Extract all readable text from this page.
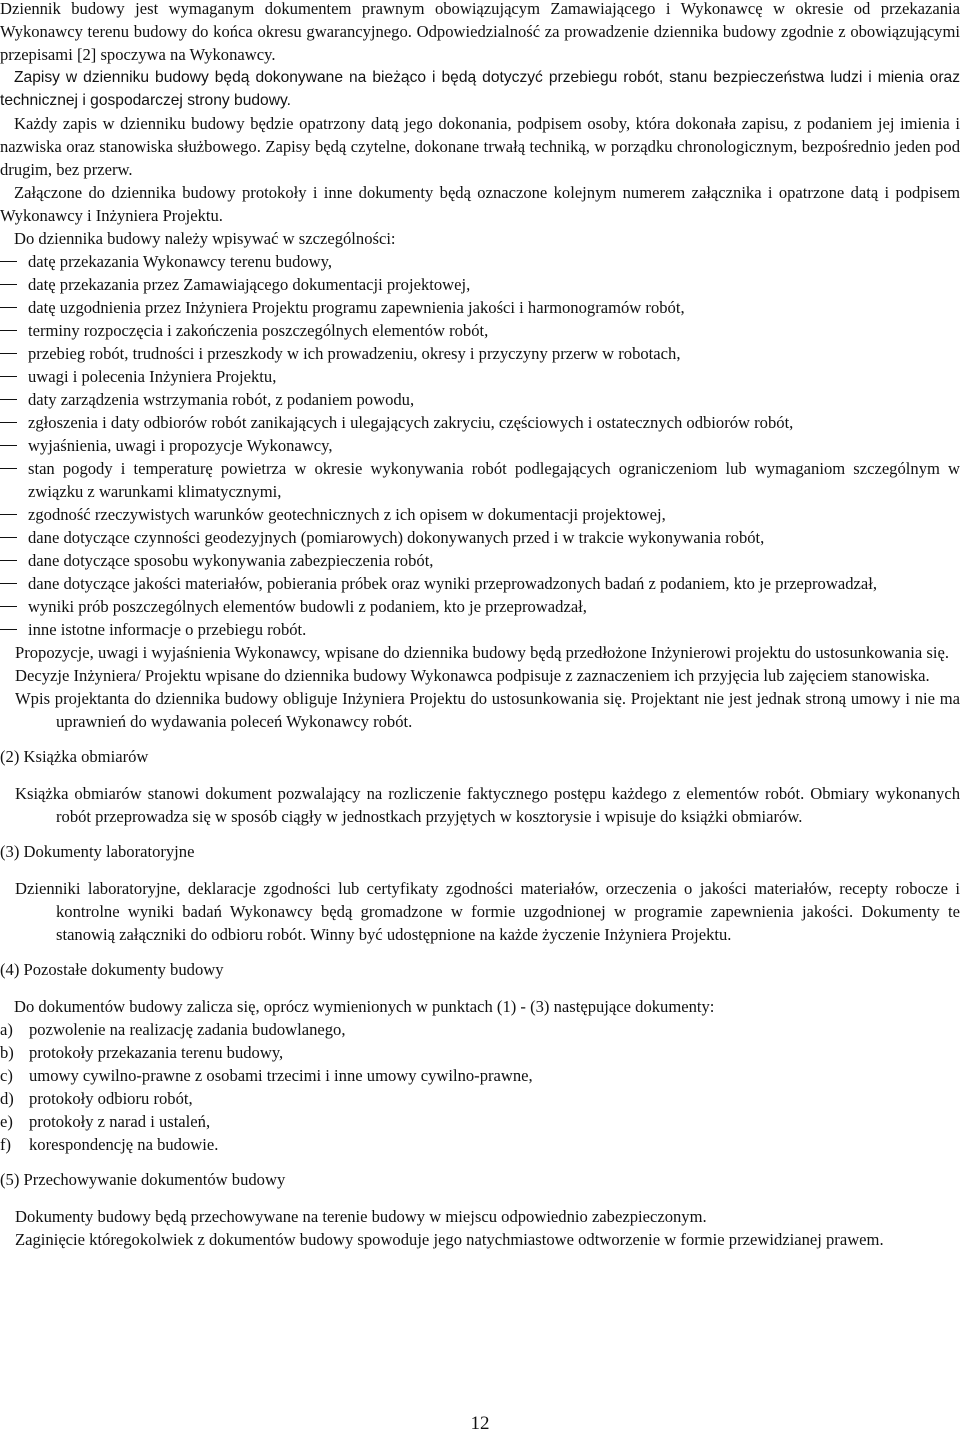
Dziennik budowy jest wymaganym dokumentem prawnym obowiązującym Zamawiającego i Wykonawcę w okresie od przekazania Wykonawcy terenu budowy do końca okresu gwarancyjnego. Odpowiedzialność za prowadzenie dziennika budowy zgodnie z obowiązującymi przepisami [2] spoczywa na Wykonawcy.

Zapisy w dzienniku budowy będą dokonywane na bieżąco i będą dotyczyć przebiegu robót, stanu bezpieczeństwa ludzi i mienia oraz technicznej i gospodarczej strony budowy.

Każdy zapis w dzienniku budowy będzie opatrzony datą jego dokonania, podpisem osoby, która dokonała zapisu, z podaniem jej imienia i nazwiska oraz stanowiska służbowego. Zapisy będą czytelne, dokonane trwałą techniką, w porządku chronologicznym, bezpośrednio jeden pod drugim, bez przerw.

Załączone do dziennika budowy protokoły i inne dokumenty będą oznaczone kolejnym numerem załącznika i opatrzone datą i podpisem Wykonawcy i Inżyniera Projektu.

Do dziennika budowy należy wpisywać w szczególności:

datę przekazania Wykonawcy terenu budowy,
datę przekazania przez Zamawiającego dokumentacji projektowej,
datę uzgodnienia przez Inżyniera Projektu programu zapewnienia jakości i harmonogramów robót,
terminy rozpoczęcia i zakończenia poszczególnych elementów robót,
przebieg robót, trudności i przeszkody w ich prowadzeniu, okresy i przyczyny przerw w robotach,
uwagi i polecenia Inżyniera Projektu,
daty zarządzenia wstrzymania robót, z podaniem powodu,
zgłoszenia i daty odbiorów robót zanikających i ulegających zakryciu, częściowych i ostatecznych odbiorów robót,
wyjaśnienia, uwagi i propozycje Wykonawcy,
stan pogody i temperaturę powietrza w okresie wykonywania robót podlegających ograniczeniom lub wymaganiom szczególnym w związku z warunkami klimatycznymi,
zgodność rzeczywistych warunków geotechnicznych z ich opisem w dokumentacji projektowej,
dane dotyczące czynności geodezyjnych (pomiarowych) dokonywanych przed i w trakcie wykonywania robót,
dane dotyczące sposobu wykonywania zabezpieczenia robót,
dane dotyczące jakości materiałów, pobierania próbek oraz wyniki przeprowadzonych badań z podaniem, kto je przeprowadzał,
wyniki prób poszczególnych elementów budowli z podaniem, kto je przeprowadzał,
inne istotne informacje o przebiegu robót.

Propozycje, uwagi i wyjaśnienia Wykonawcy, wpisane do dziennika budowy będą przedłożone Inżynierowi projektu do ustosunkowania się.

Decyzje Inżyniera/ Projektu wpisane do dziennika budowy Wykonawca podpisuje z zaznaczeniem ich przyjęcia lub zajęciem stanowiska.

Wpis projektanta do dziennika budowy obliguje Inżyniera Projektu do ustosunkowania się. Projektant nie jest jednak stroną umowy i nie ma uprawnień do wydawania poleceń Wykonawcy robót.

(2) Książka obmiarów

Książka obmiarów stanowi dokument pozwalający na rozliczenie faktycznego postępu każdego z elementów robót. Obmiary wykonanych robót przeprowadza się w sposób ciągły w jednostkach przyjętych w kosztorysie i wpisuje do książki obmiarów.

(3) Dokumenty laboratoryjne

Dzienniki laboratoryjne, deklaracje zgodności lub certyfikaty zgodności materiałów, orzeczenia o jakości materiałów, recepty robocze i kontrolne wyniki badań Wykonawcy będą gromadzone w formie uzgodnionej w programie zapewnienia jakości. Dokumenty te stanowią załączniki do odbioru robót. Winny być udostępnione na każde życzenie Inżyniera Projektu.

(4) Pozostałe dokumenty budowy

Do dokumentów budowy zalicza się, oprócz wymienionych w punktach (1) - (3) następujące dokumenty:

a) pozwolenie na realizację zadania budowlanego,
b) protokoły przekazania terenu budowy,
c) umowy cywilno-prawne z osobami trzecimi i inne umowy cywilno-prawne,
d) protokoły odbioru robót,
e) protokoły z narad i ustaleń,
f) korespondencję na budowie.

(5) Przechowywanie dokumentów budowy

Dokumenty budowy będą przechowywane na terenie budowy w miejscu odpowiednio zabezpieczonym.

Zaginięcie któregokolwiek z dokumentów budowy spowoduje jego natychmiastowe odtworzenie w formie przewidzianej prawem.

12
